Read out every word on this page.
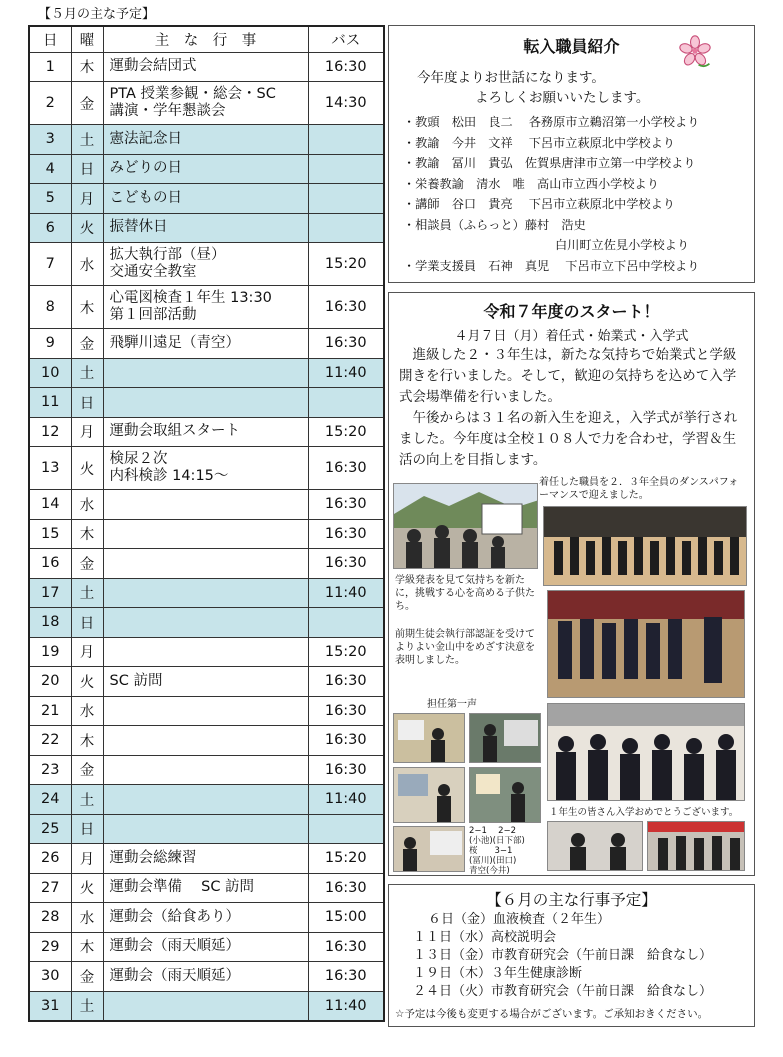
【５月の主な予定】
日	曜	主　な　行　事	バス
1	木	運動会結団式	16:30
2	金	PTA 授業参観・総会・SC
講演・学年懇談会	14:30
3	土	憲法記念日	

4	日	みどりの日	

5	月	こどもの日	

6	火	振替休日	

7	水	拡大執行部（昼）
交通安全教室	15:20
8	木	心電図検査１年生 13:30
第１回部活動	16:30
9	金	飛騨川遠足（青空）	16:30
10	土		11:40
11	日	

12	月	運動会取組スタート	15:20
13	火	検尿２次
内科検診 14:15〜	16:30
14	水		16:30
15	木		16:30
16	金		16:30
17	土		11:40
18	日	

19	月		15:20
20	火	SC 訪問	16:30
21	水		16:30
22	木		16:30
23	金		16:30
24	土		11:40
25	日	

26	月	運動会総練習	15:20
27	火	運動会準備　 SC 訪問	16:30
28	水	運動会（給食あり）	15:00
29	木	運動会（雨天順延）	16:30
30	金	運動会（雨天順延）	16:30
31	土		11:40
転入職員紹介
今年度よりお世話になります。
よろしくお願いいたします。
・教頭　松田　良二　 各務原市立鵜沼第一小学校より
・教諭　今井　文祥　 下呂市立萩原北中学校より
・教諭　冨川　貴弘　佐賀県唐津市立第一中学校より
・栄養教諭　清水　唯　高山市立西小学校より
・講師　谷口　貴亮　 下呂市立萩原北中学校より
・相談員（ふらっと）藤村　浩史
白川町立佐見小学校より
・学業支援員　石神　真児　 下呂市立下呂中学校より
令和７年度のスタート！
４月７日（月）着任式・始業式・入学式
進級した２・３年生は，新たな気持ちで始業式と学級開きを行いました。そして，歓迎の気持ちを込めて入学式会場準備を行いました。
午後からは３１名の新入生を迎え，入学式が挙行されました。今年度は全校１０８人で力を合わせ，学習＆生活の向上を目指します。
着任した職員を２．３年全員のダンスパフォーマンスで迎えました。
学級発表を見て気持ちを新たに，挑戦する心を高める子供たち。
前期生徒会執行部認証を受けてよりよい金山中をめざす決意を表明しました。
担任第一声
2−1　 2−2
(小池)(日下部)
桜　　3−1
(冨川)(田口)
青空(今井)
１年生の皆さん入学おめでとうございます。
【６月の主な行事予定】
６日（金）血液検査（２年生）
１１日（水）高校説明会
１３日（金）市教育研究会（午前日課　給食なし）
１９日（木）３年生健康診断
２４日（火）市教育研究会（午前日課　給食なし）
☆予定は今後も変更する場合がございます。ご承知おきください。
